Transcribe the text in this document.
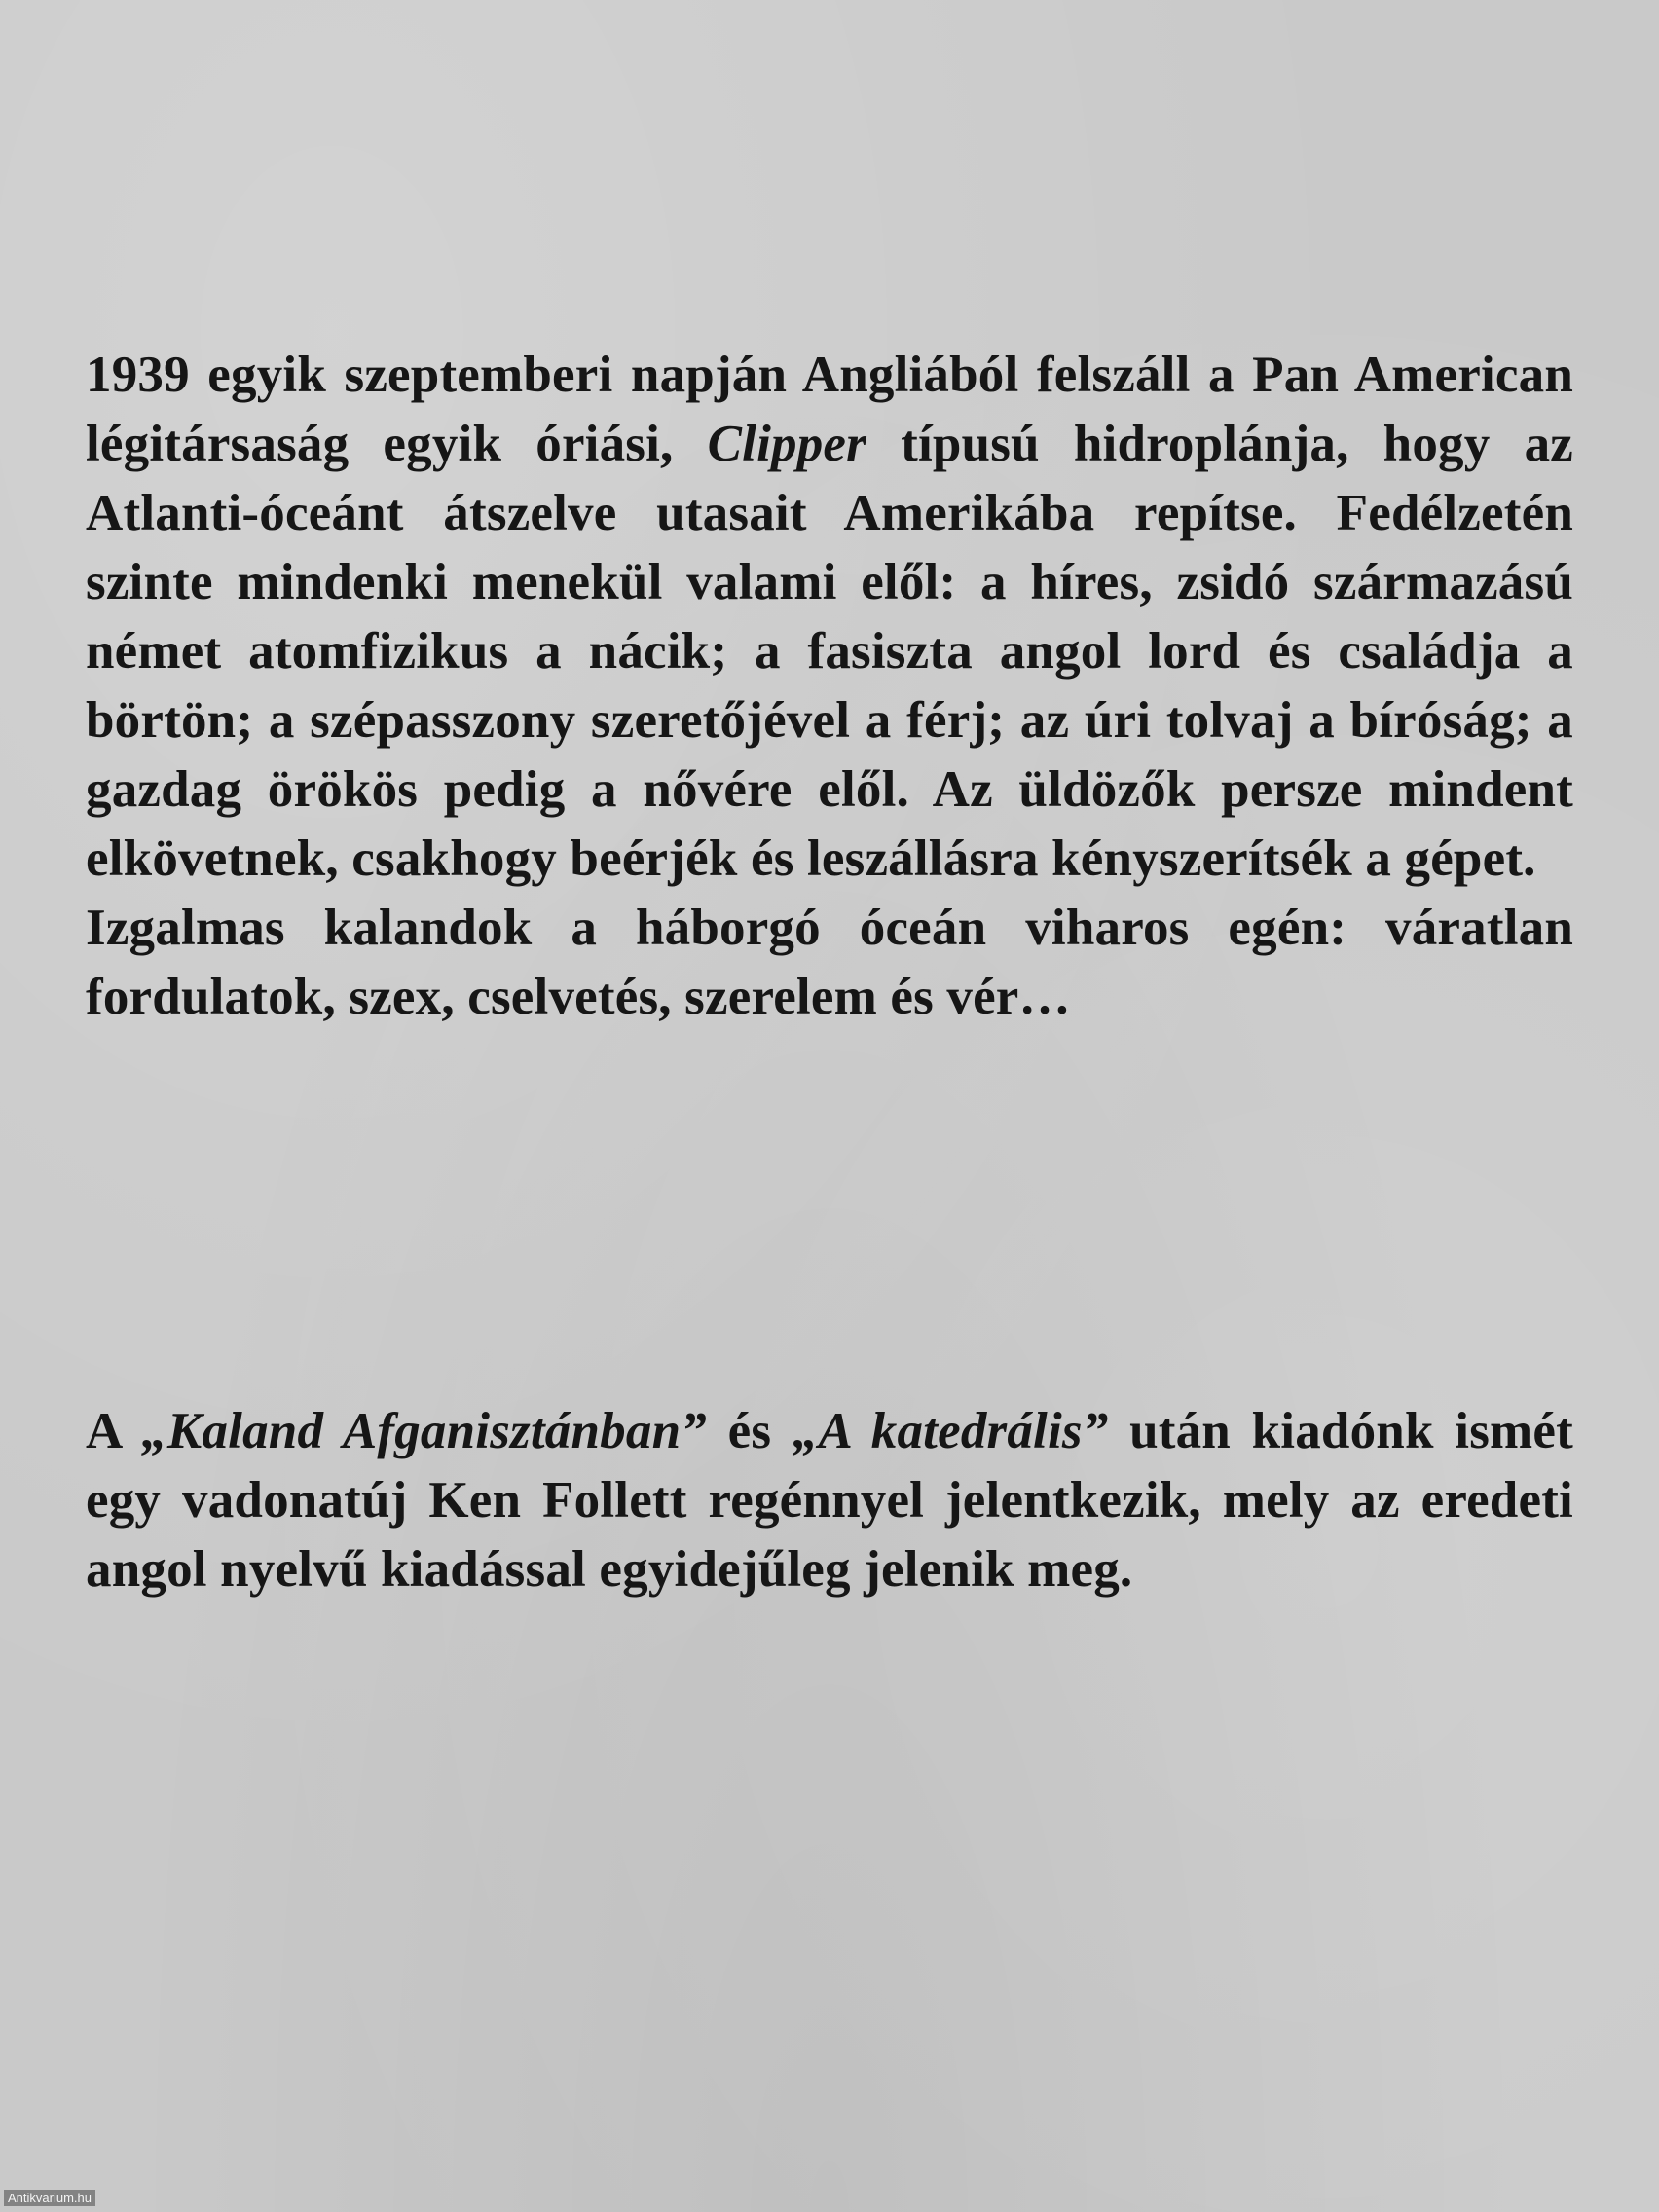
1939 egyik szeptemberi napján Angliából felszáll a Pan American légitársaság egyik óriási, Clipper típusú hidroplánja, hogy az Atlanti-óceánt átszelve utasait Amerikába repítse. Fedélzetén szinte mindenki menekül valami elől: a híres, zsidó származású német atomfizikus a nácik; a fasiszta angol lord és családja a börtön; a szépasszony szeretőjével a férj; az úri tolvaj a bíróság; a gazdag örökös pedig a nővére elől. Az üldözők persze mindent elkövetnek, csakhogy beérjék és leszállásra kényszerítsék a gépet.

Izgalmas kalandok a háborgó óceán viharos egén: váratlan fordulatok, szex, cselvetés, szerelem és vér…

A „Kaland Afganisztánban” és „A katedrális” után kiadónk ismét egy vadonatúj Ken Follett regénnyel jelentkezik, mely az eredeti angol nyelvű kiadással egyidejűleg jelenik meg.

Antikvarium.hu
